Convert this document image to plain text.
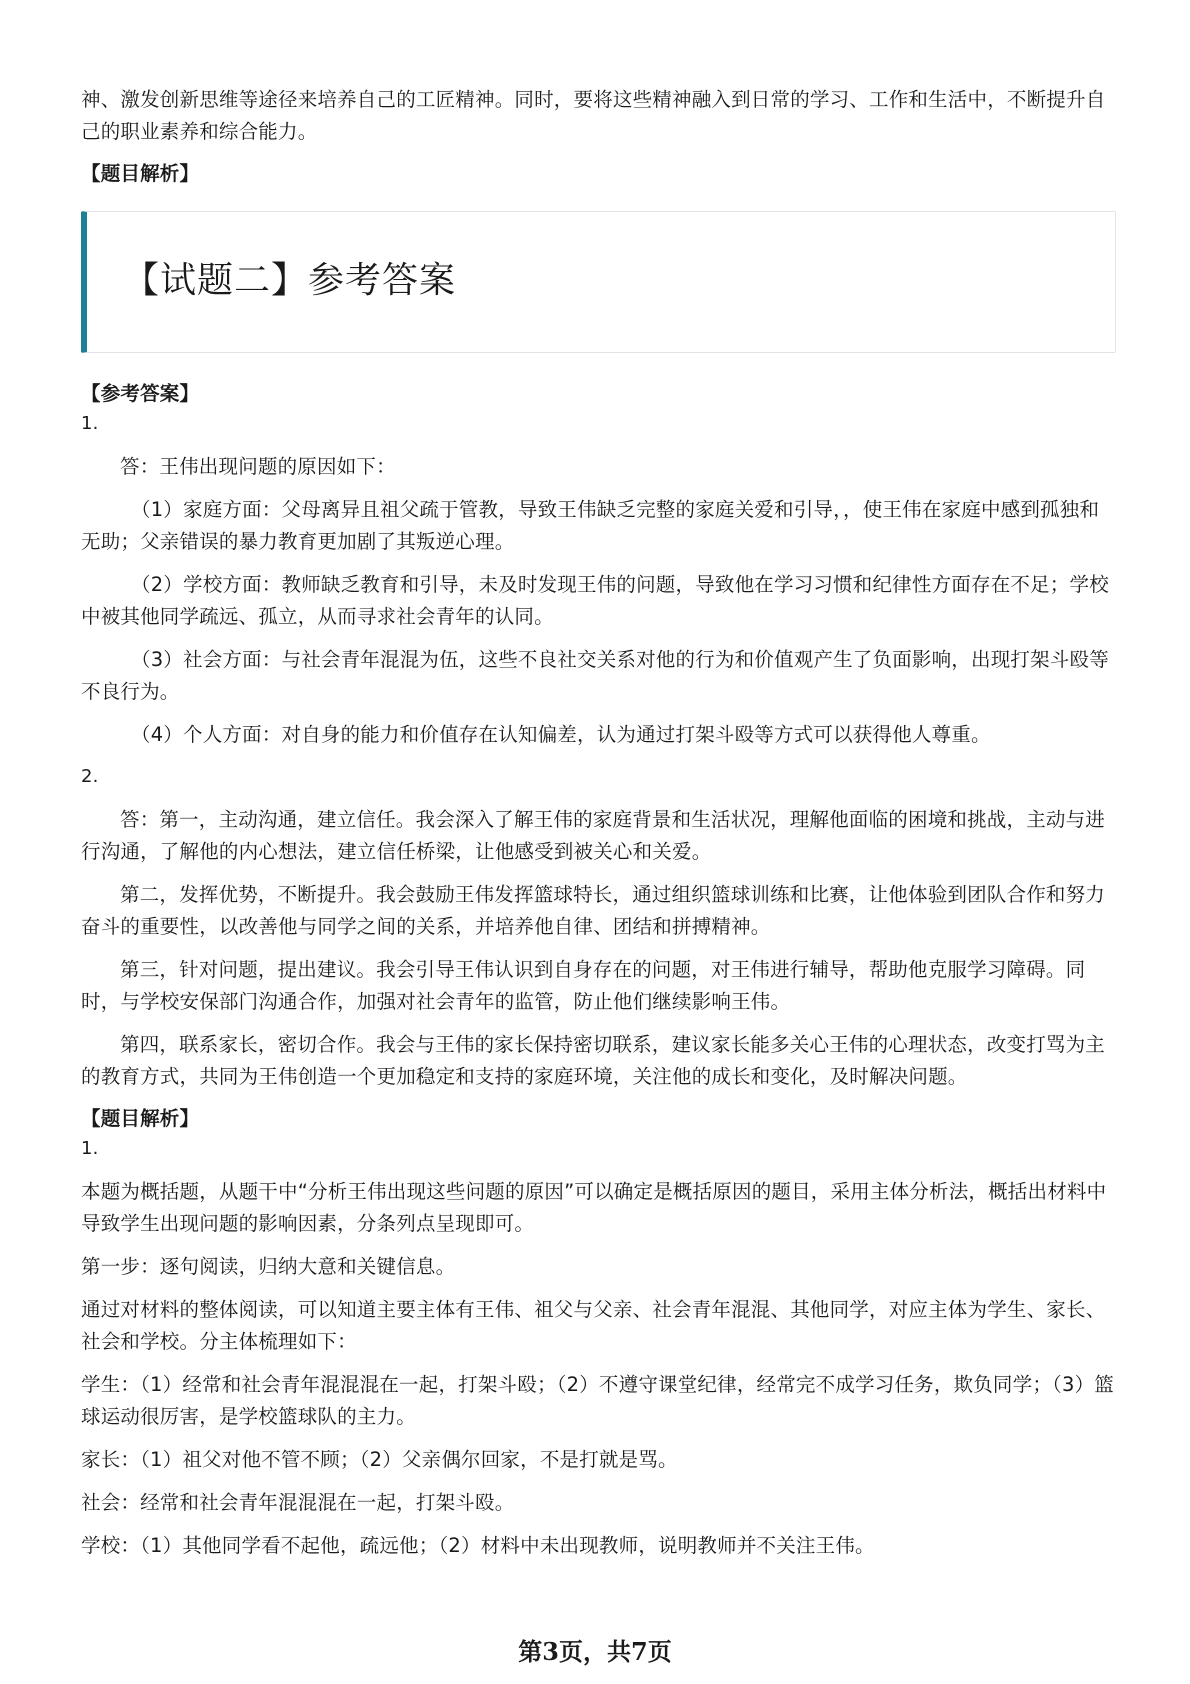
神、激发创新思维等途径来培养自己的工匠精神。同时，要将这些精神融入到日常的学习、工作和生活中，不断提升自己的职业素养和综合能力。

【题目解析】

【试题二】参考答案

【参考答案】

1.

答：王伟出现问题的原因如下：

（1）家庭方面：父母离异且祖父疏于管教，导致王伟缺乏完整的家庭关爱和引导，，使王伟在家庭中感到孤独和无助；父亲错误的暴力教育更加剧了其叛逆心理。

（2）学校方面：教师缺乏教育和引导，未及时发现王伟的问题，导致他在学习习惯和纪律性方面存在不足；学校中被其他同学疏远、孤立，从而寻求社会青年的认同。

（3）社会方面：与社会青年混混为伍，这些不良社交关系对他的行为和价值观产生了负面影响，出现打架斗殴等不良行为。

（4）个人方面：对自身的能力和价值存在认知偏差，认为通过打架斗殴等方式可以获得他人尊重。

2.

答：第一，主动沟通，建立信任。我会深入了解王伟的家庭背景和生活状况，理解他面临的困境和挑战，主动与进行沟通，了解他的内心想法，建立信任桥梁，让他感受到被关心和关爱。

第二，发挥优势，不断提升。我会鼓励王伟发挥篮球特长，通过组织篮球训练和比赛，让他体验到团队合作和努力奋斗的重要性，以改善他与同学之间的关系，并培养他自律、团结和拼搏精神。

第三，针对问题，提出建议。我会引导王伟认识到自身存在的问题，对王伟进行辅导，帮助他克服学习障碍。同时，与学校安保部门沟通合作，加强对社会青年的监管，防止他们继续影响王伟。

第四，联系家长，密切合作。我会与王伟的家长保持密切联系，建议家长能多关心王伟的心理状态，改变打骂为主的教育方式，共同为王伟创造一个更加稳定和支持的家庭环境，关注他的成长和变化，及时解决问题。

【题目解析】

1.

本题为概括题，从题干中“分析王伟出现这些问题的原因”可以确定是概括原因的题目，采用主体分析法，概括出材料中导致学生出现问题的影响因素，分条列点呈现即可。

第一步：逐句阅读，归纳大意和关键信息。

通过对材料的整体阅读，可以知道主要主体有王伟、祖父与父亲、社会青年混混、其他同学，对应主体为学生、家长、社会和学校。分主体梳理如下：

学生：（1）经常和社会青年混混混在一起，打架斗殴；（2）不遵守课堂纪律，经常完不成学习任务，欺负同学；（3）篮球运动很厉害，是学校篮球队的主力。

家长：（1）祖父对他不管不顾；（2）父亲偶尔回家，不是打就是骂。

社会：经常和社会青年混混混在一起，打架斗殴。

学校：（1）其他同学看不起他，疏远他；（2）材料中未出现教师，说明教师并不关注王伟。

第3页，共7页
